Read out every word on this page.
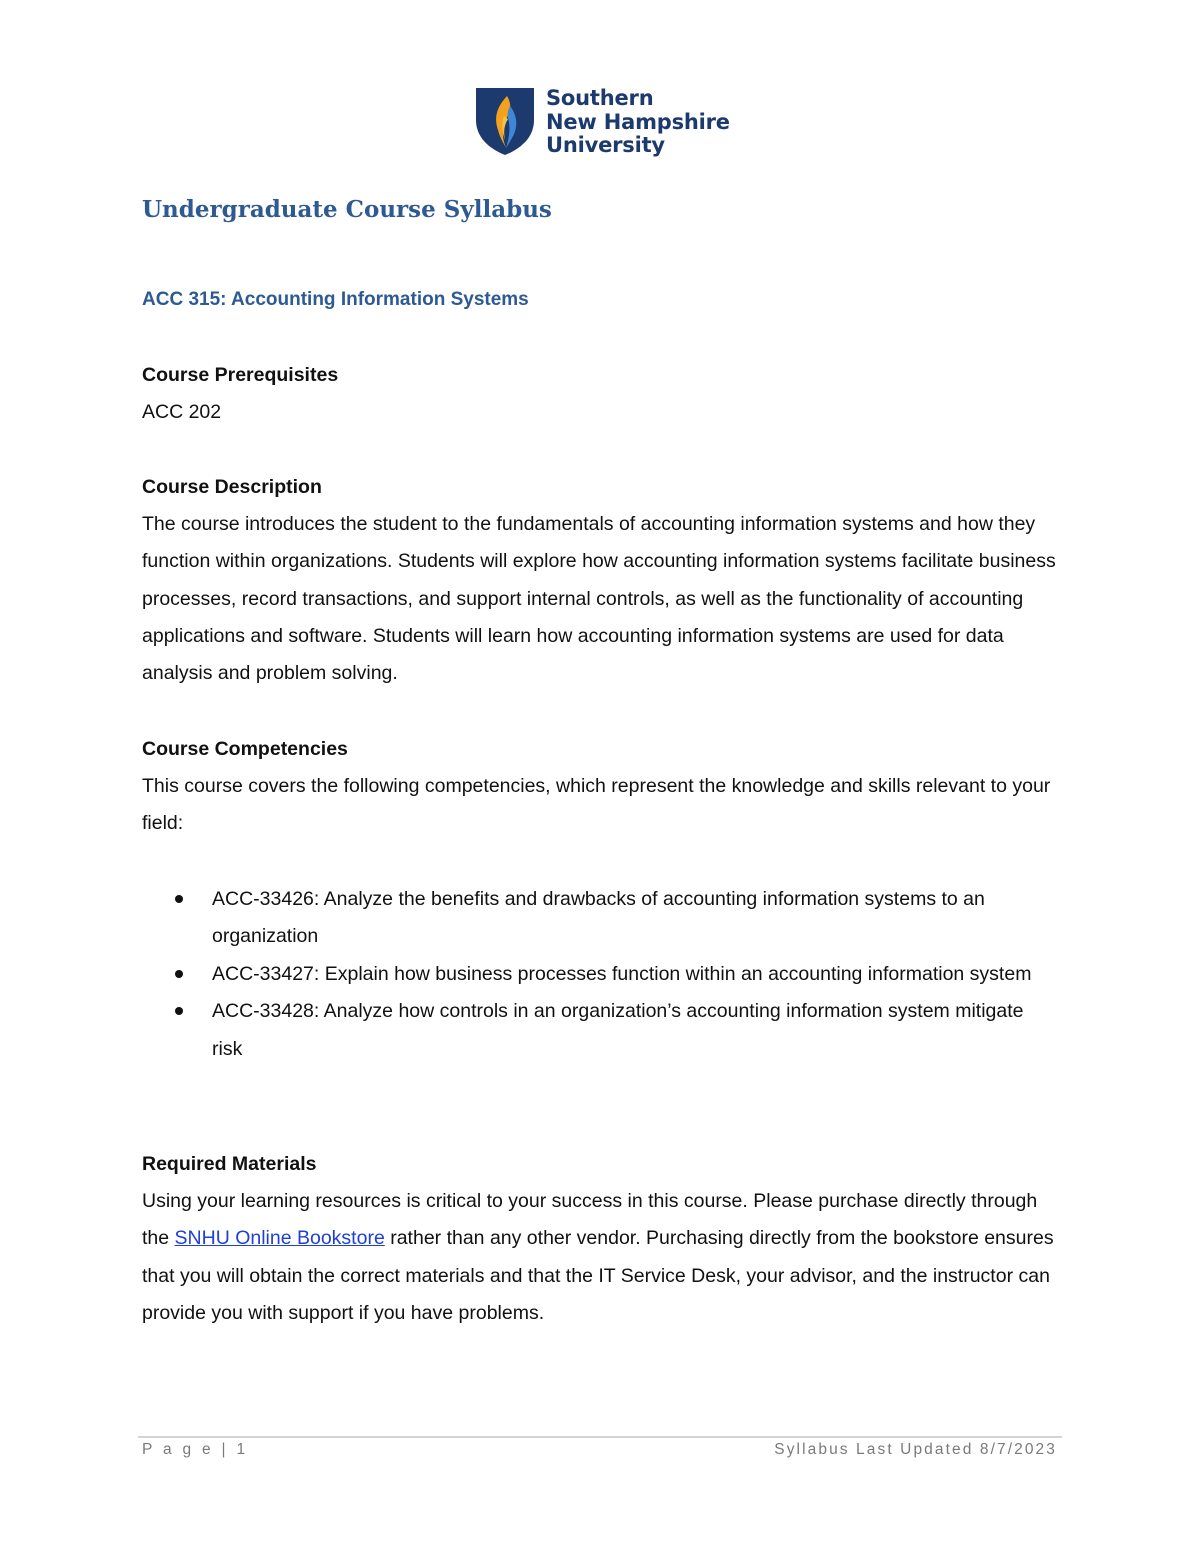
Southern
New Hampshire
University
Undergraduate Course Syllabus
ACC 315: Accounting Information Systems
Course Prerequisites

ACC 202

Course Description

The course introduces the student to the fundamentals of accounting information systems and how they function within organizations. Students will explore how accounting information systems facilitate business processes, record transactions, and support internal controls, as well as the functionality of accounting applications and software. Students will learn how accounting information systems are used for data analysis and problem solving.

Course Competencies

This course covers the following competencies, which represent the knowledge and skills relevant to your field:

ACC-33426: Analyze the benefits and drawbacks of accounting information systems to an organization
ACC-33427: Explain how business processes function within an accounting information system
ACC-33428: Analyze how controls in an organization’s accounting information system mitigate risk
Required Materials

Using your learning resources is critical to your success in this course. Please purchase directly through the SNHU Online Bookstore rather than any other vendor. Purchasing directly from the bookstore ensures that you will obtain the correct materials and that the IT Service Desk, your advisor, and the instructor can provide you with support if you have problems.

P a g e | 1	Syllabus Last Updated 8/7/2023
